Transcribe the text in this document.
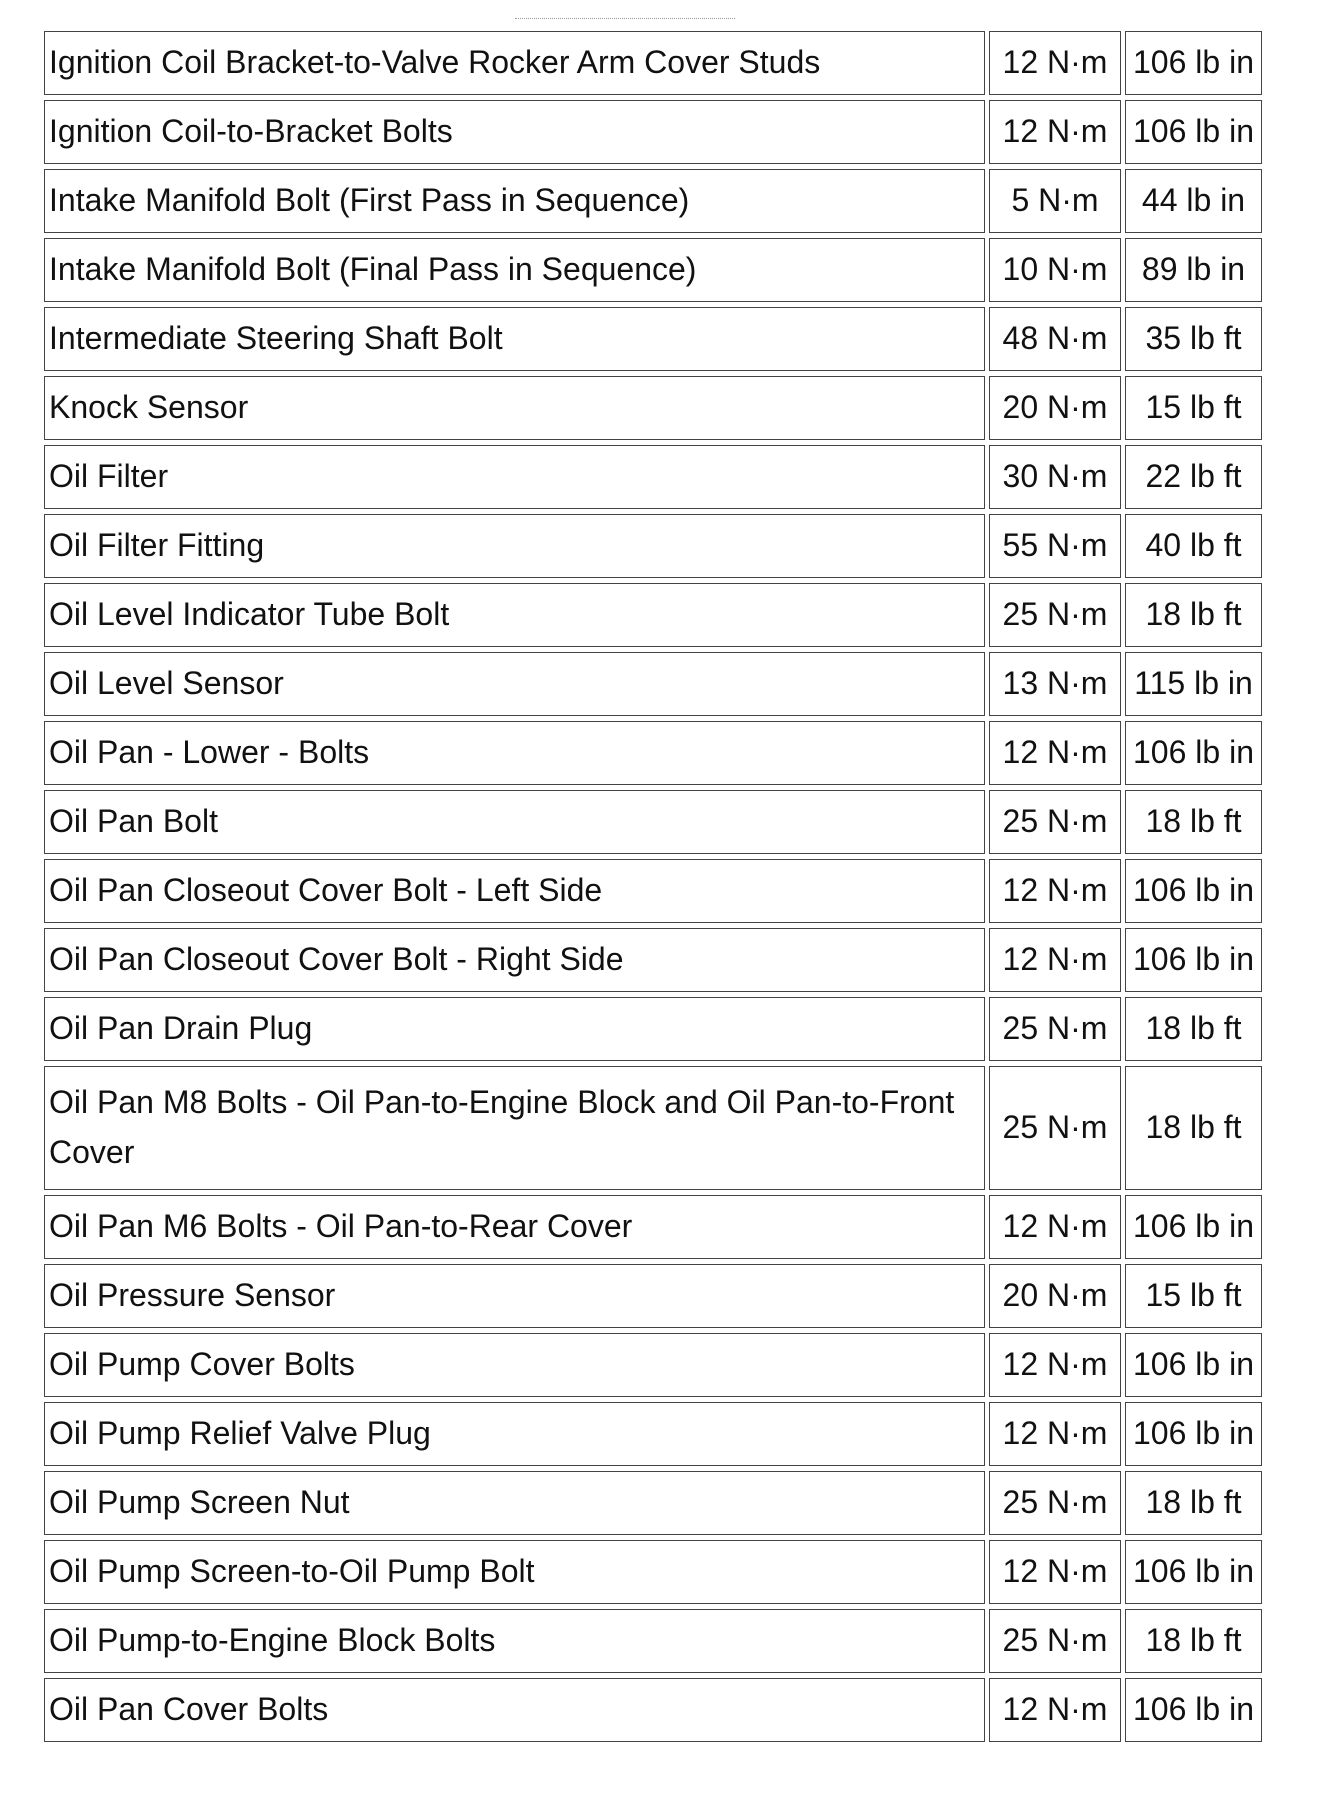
Ignition Coil Bracket-to-Valve Rocker Arm Cover Studs	12 N·m	106 lb in
Ignition Coil-to-Bracket Bolts	12 N·m	106 lb in
Intake Manifold Bolt (First Pass in Sequence)	5 N·m	44 lb in
Intake Manifold Bolt (Final Pass in Sequence)	10 N·m	89 lb in
Intermediate Steering Shaft Bolt	48 N·m	35 lb ft
Knock Sensor	20 N·m	15 lb ft
Oil Filter	30 N·m	22 lb ft
Oil Filter Fitting	55 N·m	40 lb ft
Oil Level Indicator Tube Bolt	25 N·m	18 lb ft
Oil Level Sensor	13 N·m	115 lb in
Oil Pan - Lower - Bolts	12 N·m	106 lb in
Oil Pan Bolt	25 N·m	18 lb ft
Oil Pan Closeout Cover Bolt - Left Side	12 N·m	106 lb in
Oil Pan Closeout Cover Bolt - Right Side	12 N·m	106 lb in
Oil Pan Drain Plug	25 N·m	18 lb ft
Oil Pan M8 Bolts - Oil Pan-to-Engine Block and Oil Pan-to-Front Cover	25 N·m	18 lb ft
Oil Pan M6 Bolts - Oil Pan-to-Rear Cover	12 N·m	106 lb in
Oil Pressure Sensor	20 N·m	15 lb ft
Oil Pump Cover Bolts	12 N·m	106 lb in
Oil Pump Relief Valve Plug	12 N·m	106 lb in
Oil Pump Screen Nut	25 N·m	18 lb ft
Oil Pump Screen-to-Oil Pump Bolt	12 N·m	106 lb in
Oil Pump-to-Engine Block Bolts	25 N·m	18 lb ft
Oil Pan Cover Bolts	12 N·m	106 lb in
